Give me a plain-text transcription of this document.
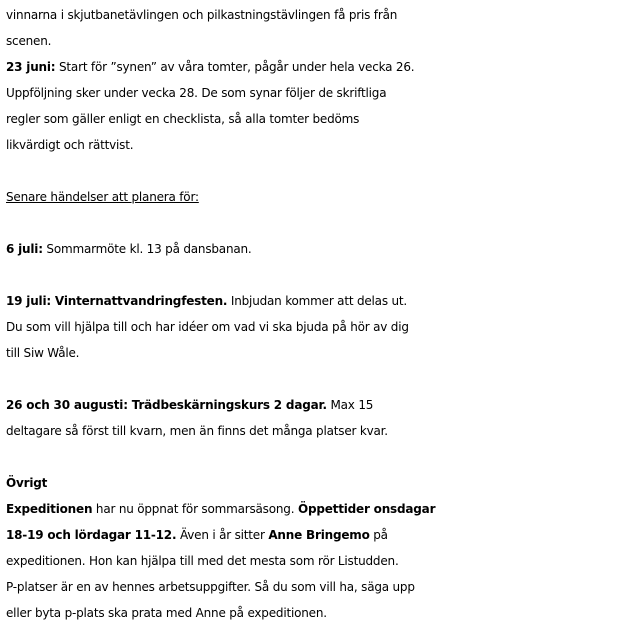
vinnarna i skjutbanetävlingen och pilkastningstävlingen få pris från
scenen.
23 juni: Start för ”synen” av våra tomter, pågår under hela vecka 26.
Uppföljning sker under vecka 28. De som synar följer de skriftliga
regler som gäller enligt en checklista, så alla tomter bedöms
likvärdigt och rättvist.
Senare händelser att planera för:
6 juli: Sommarmöte kl. 13 på dansbanan.
19 juli: Vinternattvandringfesten. Inbjudan kommer att delas ut.
Du som vill hjälpa till och har idéer om vad vi ska bjuda på hör av dig
till Siw Wåle.
26 och 30 augusti: Trädbeskärningskurs 2 dagar. Max 15
deltagare så först till kvarn, men än finns det många platser kvar.
Övrigt
Expeditionen har nu öppnat för sommarsäsong. Öppettider onsdagar
18-19 och lördagar 11-12. Även i år sitter Anne Bringemo på
expeditionen. Hon kan hjälpa till med det mesta som rör Listudden.
P-platser är en av hennes arbetsuppgifter. Så du som vill ha, säga upp
eller byta p-plats ska prata med Anne på expeditionen.
